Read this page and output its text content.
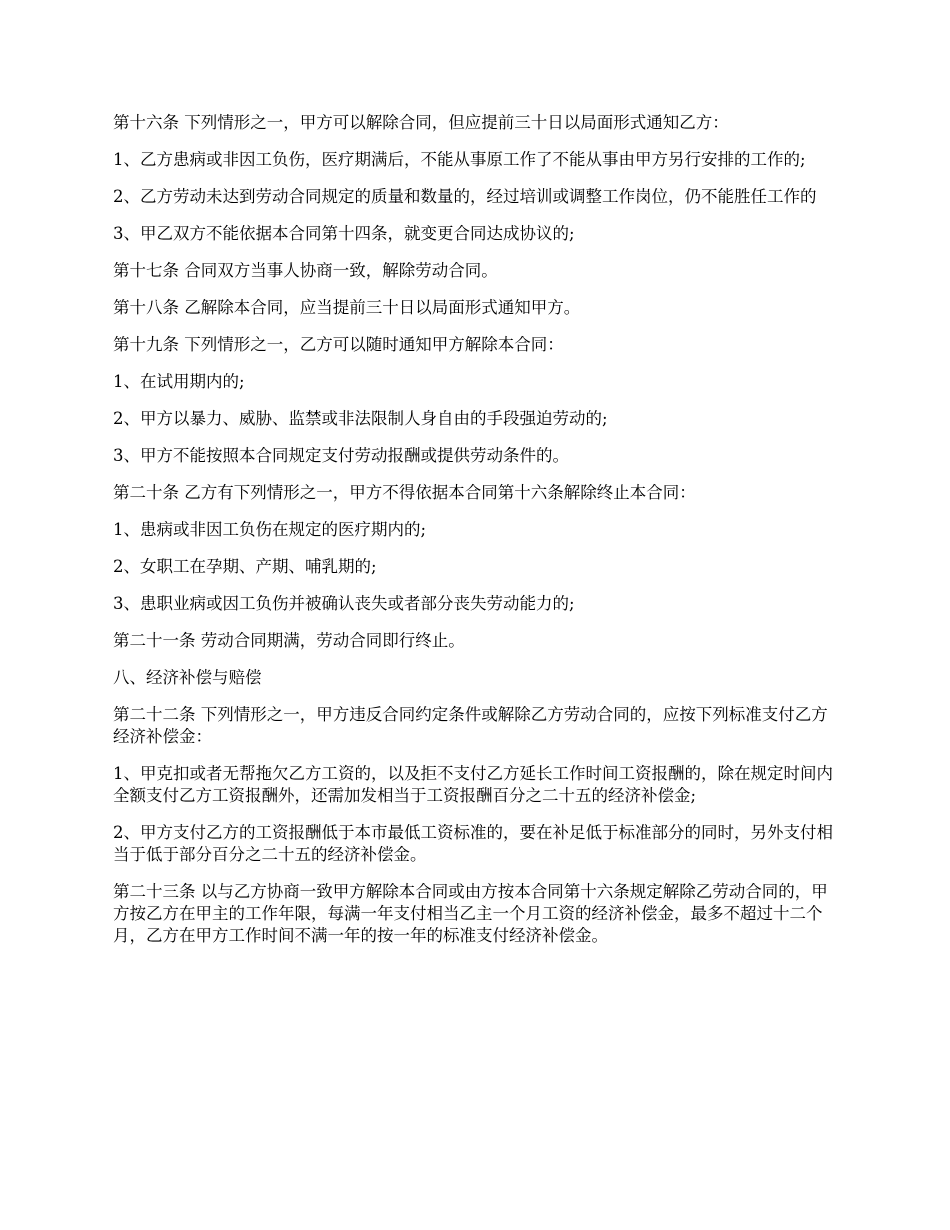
第十六条 下列情形之一，甲方可以解除合同，但应提前三十日以局面形式通知乙方：

1、乙方患病或非因工负伤，医疗期满后，不能从事原工作了不能从事由甲方另行安排的工作的;

2、乙方劳动未达到劳动合同规定的质量和数量的，经过培训或调整工作岗位，仍不能胜任工作的

3、甲乙双方不能依据本合同第十四条，就变更合同达成协议的;

第十七条 合同双方当事人协商一致，解除劳动合同。

第十八条 乙解除本合同，应当提前三十日以局面形式通知甲方。

第十九条 下列情形之一，乙方可以随时通知甲方解除本合同：

1、在试用期内的;

2、甲方以暴力、威胁、监禁或非法限制人身自由的手段强迫劳动的;

3、甲方不能按照本合同规定支付劳动报酬或提供劳动条件的。

第二十条 乙方有下列情形之一，甲方不得依据本合同第十六条解除终止本合同：

1、患病或非因工负伤在规定的医疗期内的;

2、女职工在孕期、产期、哺乳期的;

3、患职业病或因工负伤并被确认丧失或者部分丧失劳动能力的;

第二十一条 劳动合同期满，劳动合同即行终止。

八、经济补偿与赔偿

第二十二条 下列情形之一，甲方违反合同约定条件或解除乙方劳动合同的，应按下列标准支付乙方经济补偿金：

1、甲克扣或者无帮拖欠乙方工资的，以及拒不支付乙方延长工作时间工资报酬的，除在规定时间内全额支付乙方工资报酬外，还需加发相当于工资报酬百分之二十五的经济补偿金;

2、甲方支付乙方的工资报酬低于本市最低工资标准的，要在补足低于标准部分的同时，另外支付相当于低于部分百分之二十五的经济补偿金。

第二十三条 以与乙方协商一致甲方解除本合同或由方按本合同第十六条规定解除乙劳动合同的，甲方按乙方在甲主的工作年限，每满一年支付相当乙主一个月工资的经济补偿金，最多不超过十二个月，乙方在甲方工作时间不满一年的按一年的标准支付经济补偿金。
